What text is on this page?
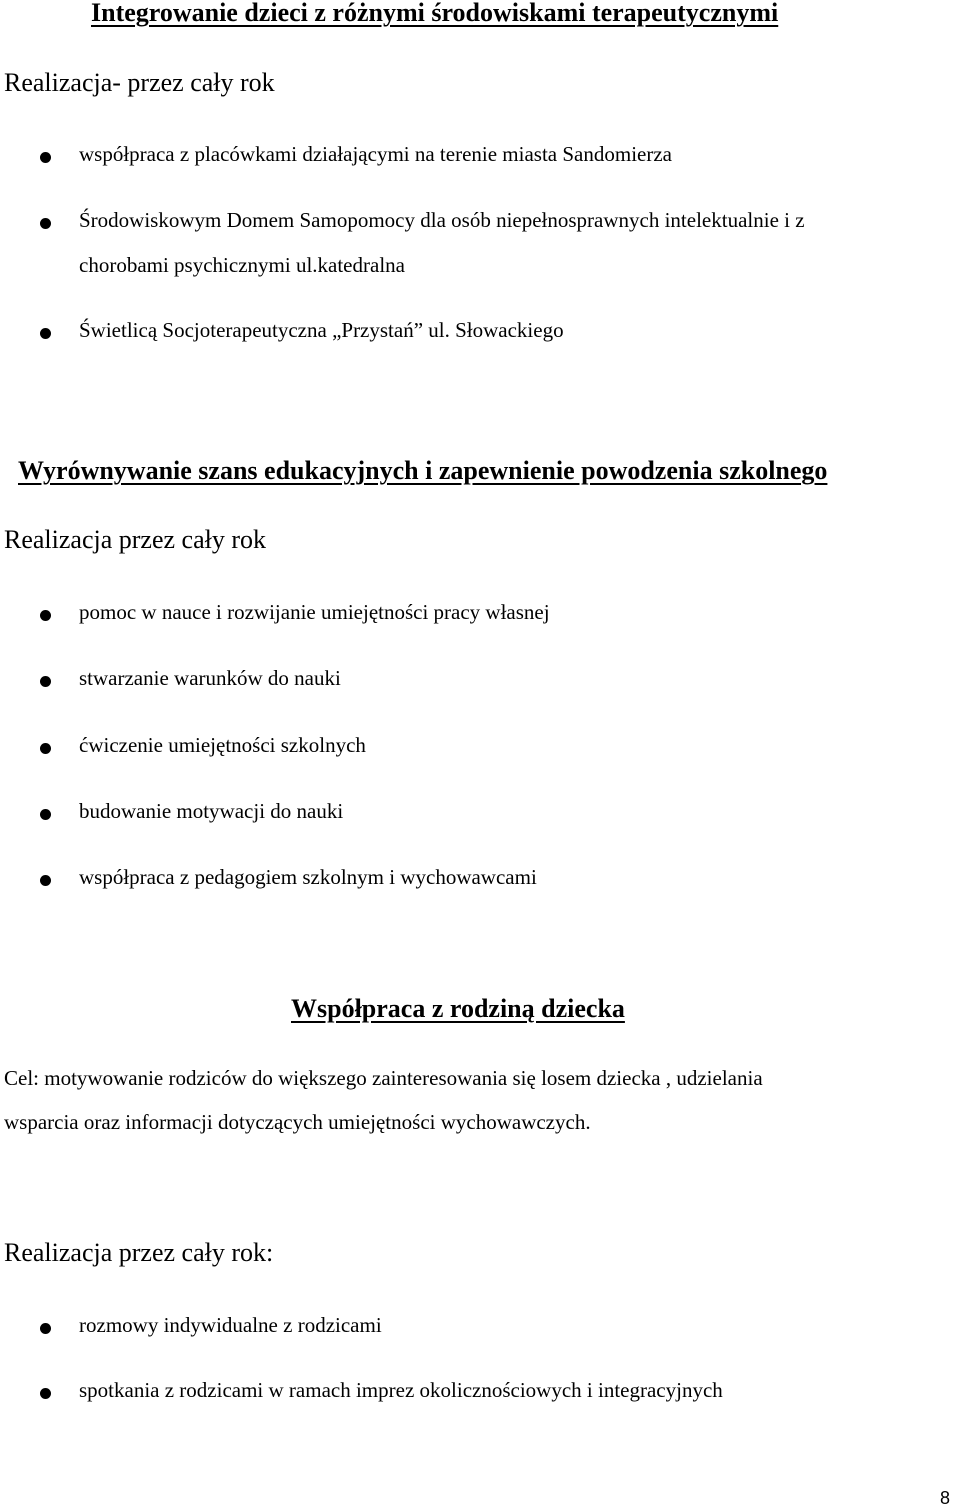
Integrowanie dzieci z różnymi środowiskami terapeutycznymi
Realizacja- przez cały rok
współpraca z placówkami działającymi na terenie miasta Sandomierza
Środowiskowym Domem Samopomocy dla osób niepełnosprawnych intelektualnie i z
chorobami psychicznymi ul.katedralna
Świetlicą Socjoterapeutyczna „Przystań” ul. Słowackiego
Wyrównywanie szans edukacyjnych i zapewnienie powodzenia szkolnego
Realizacja przez cały rok
pomoc w nauce i rozwijanie umiejętności pracy własnej
stwarzanie warunków do nauki
ćwiczenie umiejętności szkolnych
budowanie motywacji do nauki
współpraca z pedagogiem szkolnym i wychowawcami
Współpraca z rodziną dziecka
Cel: motywowanie rodziców do większego zainteresowania się losem dziecka , udzielania
wsparcia oraz informacji dotyczących umiejętności wychowawczych.
Realizacja przez cały rok:
rozmowy indywidualne z rodzicami
spotkania z rodzicami w ramach imprez okolicznościowych i integracyjnych
8
